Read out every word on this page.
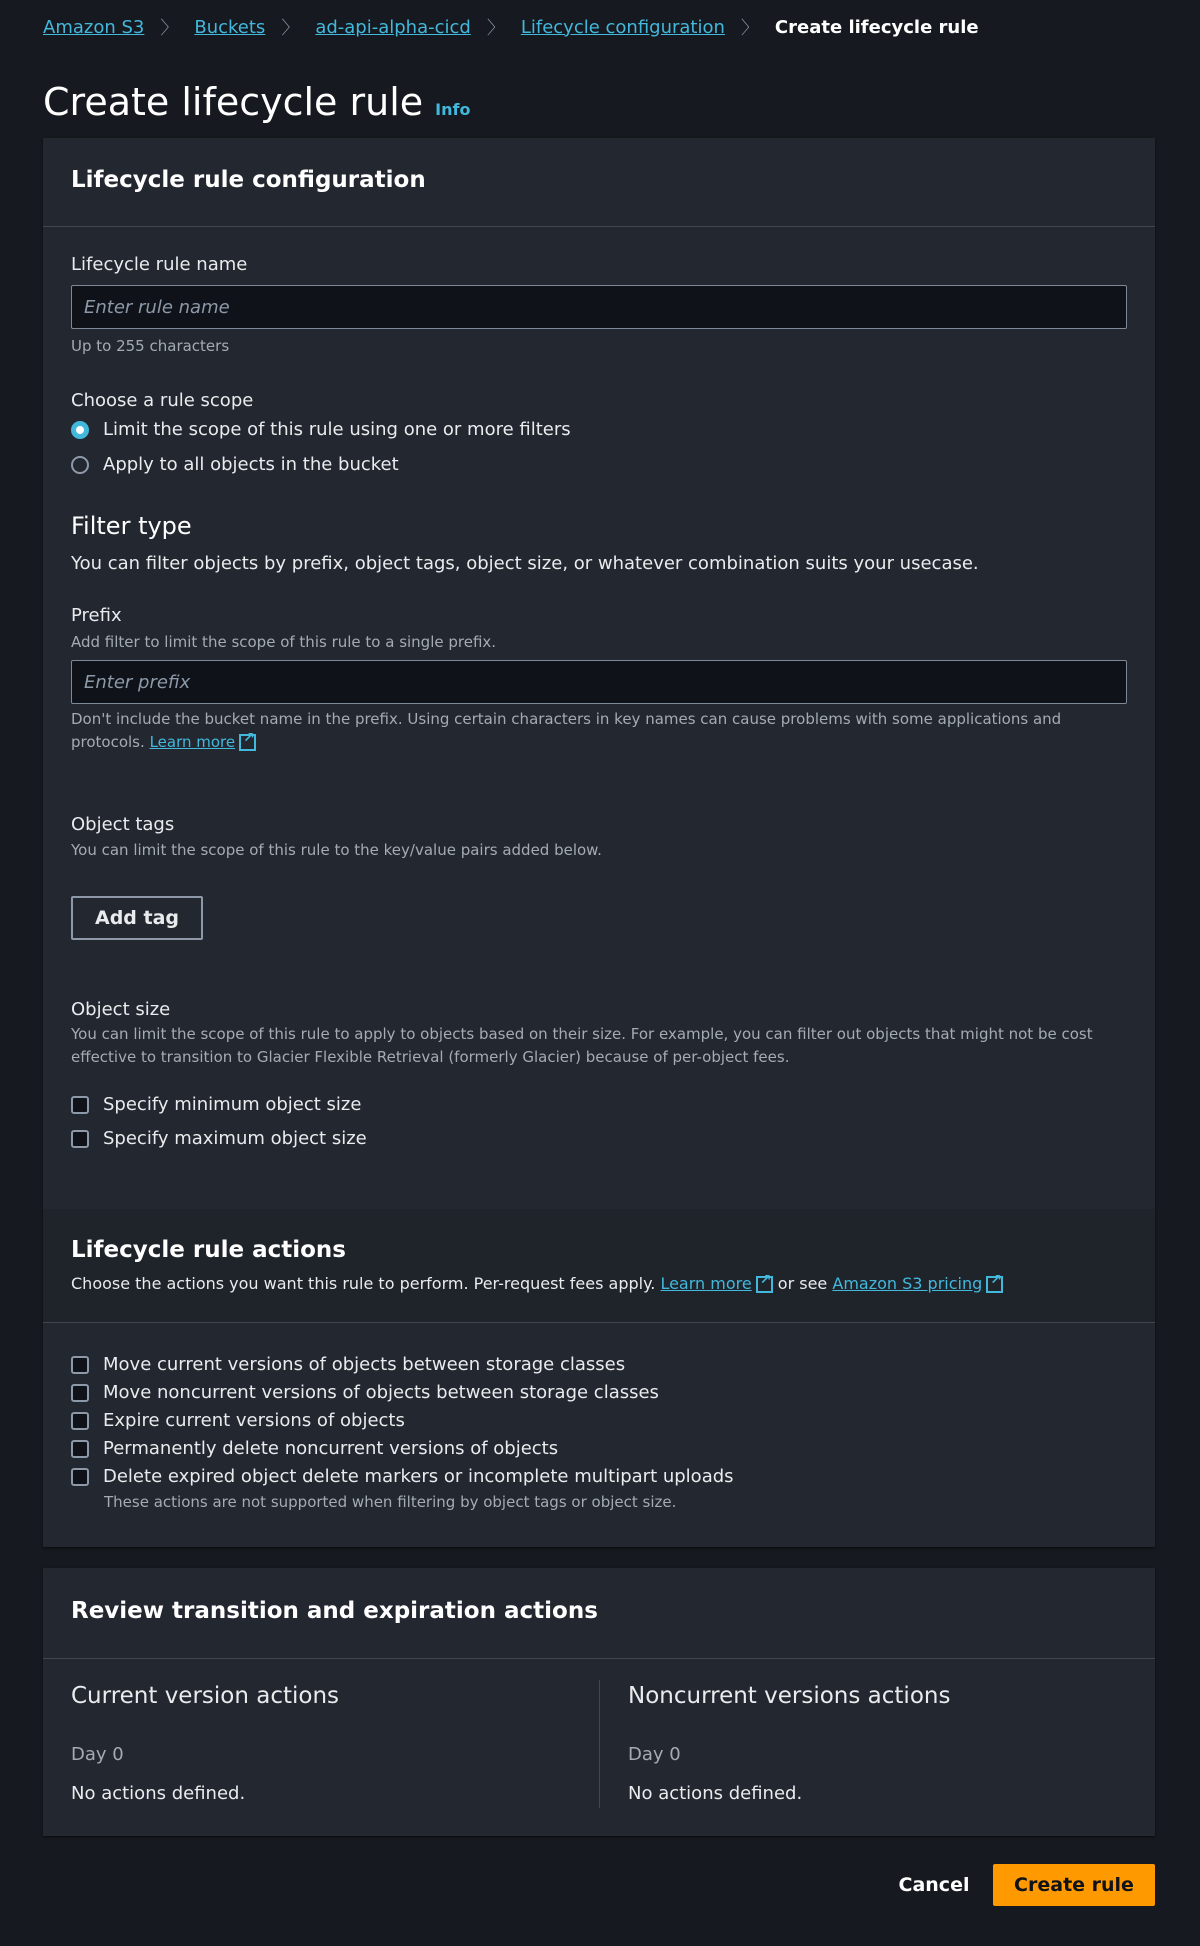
Amazon S3 〉 Buckets 〉 ad-api-alpha-cicd 〉 Lifecycle configuration 〉 Create lifecycle rule
Create lifecycle rule Info
Lifecycle rule configuration
Lifecycle rule name
Enter rule name
Up to 255 characters
Choose a rule scope
Limit the scope of this rule using one or more filters
Apply to all objects in the bucket
Filter type
You can filter objects by prefix, object tags, object size, or whatever combination suits your usecase.
Prefix
Add filter to limit the scope of this rule to a single prefix.
Enter prefix
Don't include the bucket name in the prefix. Using certain characters in key names can cause problems with some applications and
protocols. Learn more↗
Object tags
You can limit the scope of this rule to the key/value pairs added below.
Add tag
Object size
You can limit the scope of this rule to apply to objects based on their size. For example, you can filter out objects that might not be cost
effective to transition to Glacier Flexible Retrieval (formerly Glacier) because of per-object fees.
Specify minimum object size
Specify maximum object size
Lifecycle rule actions
Choose the actions you want this rule to perform. Per-request fees apply. Learn more ↗ or see Amazon S3 pricing↗
Move current versions of objects between storage classes
Move noncurrent versions of objects between storage classes
Expire current versions of objects
Permanently delete noncurrent versions of objects
Delete expired object delete markers or incomplete multipart uploads
These actions are not supported when filtering by object tags or object size.
Review transition and expiration actions
Current version actions
Day 0
No actions defined.
Noncurrent versions actions
Day 0
No actions defined.
Cancel	Create rule
